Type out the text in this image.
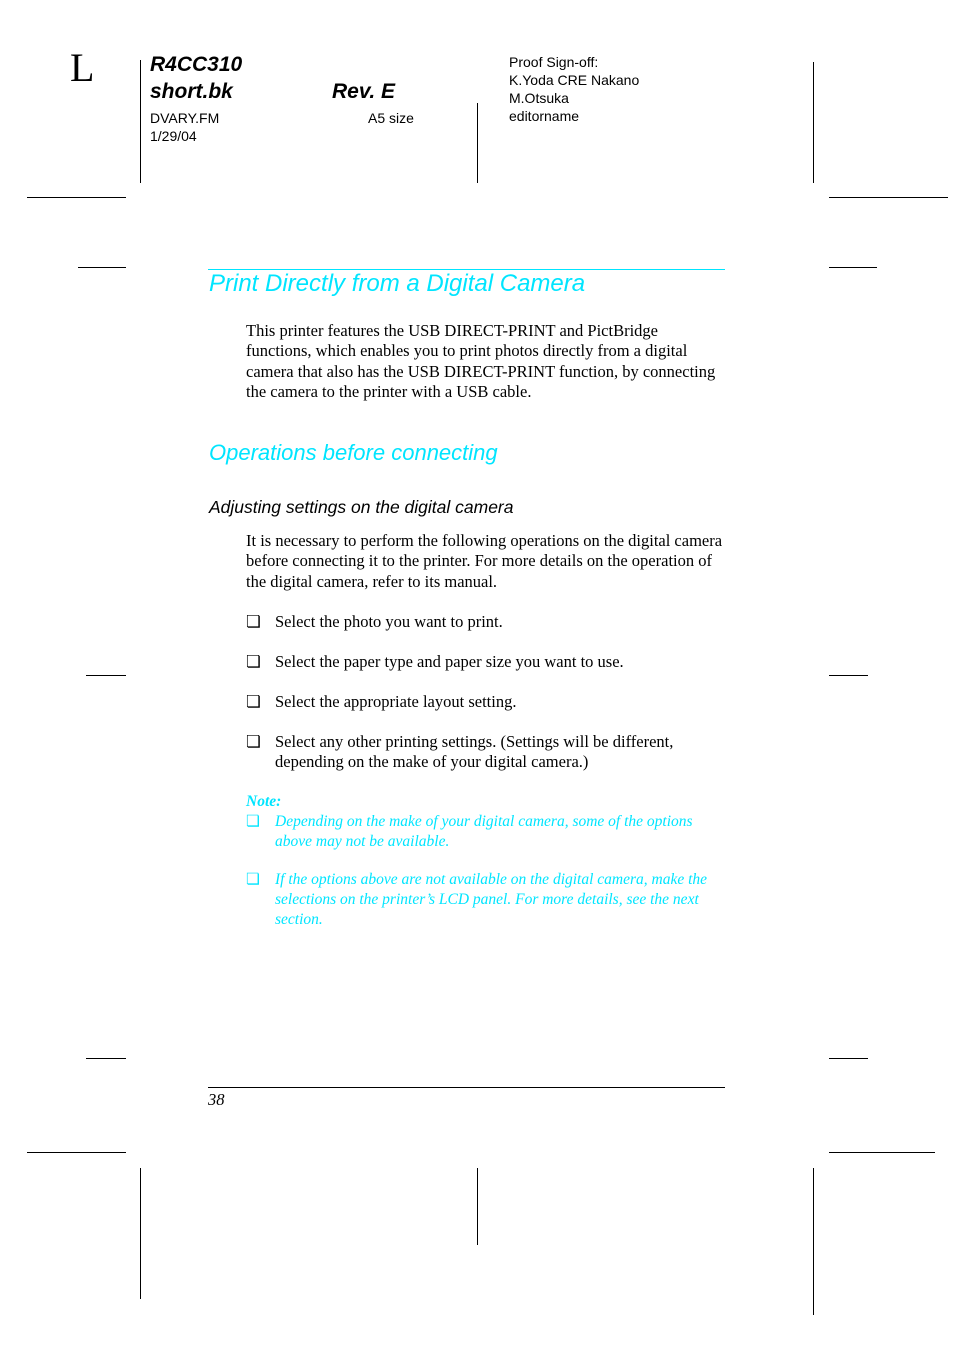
L	R4CC310
short.bk	Rev. E
DVARY.FM
1/29/04
A5 size
Proof Sign-off:
K.Yoda CRE Nakano
M.Otsuka
editorname
Print Directly from a Digital Camera
This printer features the USB DIRECT-PRINT and PictBridge functions, which enables you to print photos directly from a digital camera that also has the USB DIRECT-PRINT function, by connecting the camera to the printer with a USB cable.
Operations before connecting
Adjusting settings on the digital camera
It is necessary to perform the following operations on the digital camera before connecting it to the printer. For more details on the operation of the digital camera, refer to its manual.
❏ Select the photo you want to print.
❏ Select the paper type and paper size you want to use.
❏ Select the appropriate layout setting.
❏ Select any other printing settings. (Settings will be different, depending on the make of your digital camera.)
Note:
❏ Depending on the make of your digital camera, some of the options above may not be available.
❏ If the options above are not available on the digital camera, make the selections on the printer’s LCD panel. For more details, see the next section.
38
